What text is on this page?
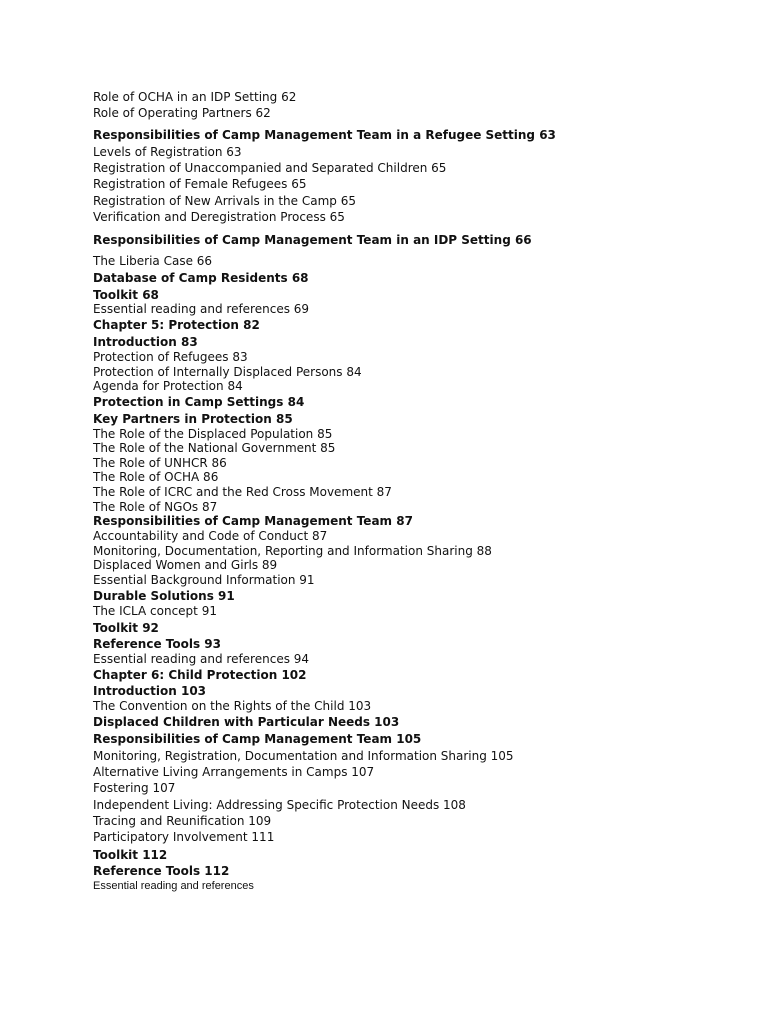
Role of OCHA in an IDP Setting 62
Role of Operating Partners 62
Responsibilities of Camp Management Team in a Refugee Setting 63
Levels of Registration 63
Registration of Unaccompanied and Separated Children 65
Registration of Female Refugees 65
Registration of New Arrivals in the Camp 65
Verification and Deregistration Process 65
Responsibilities of Camp Management Team in an IDP Setting 66
The Liberia Case 66
Database of Camp Residents 68
Toolkit 68
Essential reading and references 69
Chapter 5: Protection 82
Introduction 83
Protection of Refugees 83
Protection of Internally Displaced Persons 84
Agenda for Protection 84
Protection in Camp Settings 84
Key Partners in Protection 85
The Role of the Displaced Population 85
The Role of the National Government 85
The Role of UNHCR 86
The Role of OCHA 86
The Role of ICRC and the Red Cross Movement 87
The Role of NGOs 87
Responsibilities of Camp Management Team 87
Accountability and Code of Conduct 87
Monitoring, Documentation, Reporting and Information Sharing 88
Displaced Women and Girls 89
Essential Background Information 91
Durable Solutions 91
The ICLA concept 91
Toolkit 92
Reference Tools 93
Essential reading and references 94
Chapter 6: Child Protection 102
Introduction 103
The Convention on the Rights of the Child 103
Displaced Children with Particular Needs 103
Responsibilities of Camp Management Team 105
Monitoring, Registration, Documentation and Information Sharing 105
Alternative Living Arrangements in Camps 107
Fostering 107
Independent Living: Addressing Specific Protection Needs 108
Tracing and Reunification 109
Participatory Involvement 111
Toolkit 112
Reference Tools 112
Essential reading and references
